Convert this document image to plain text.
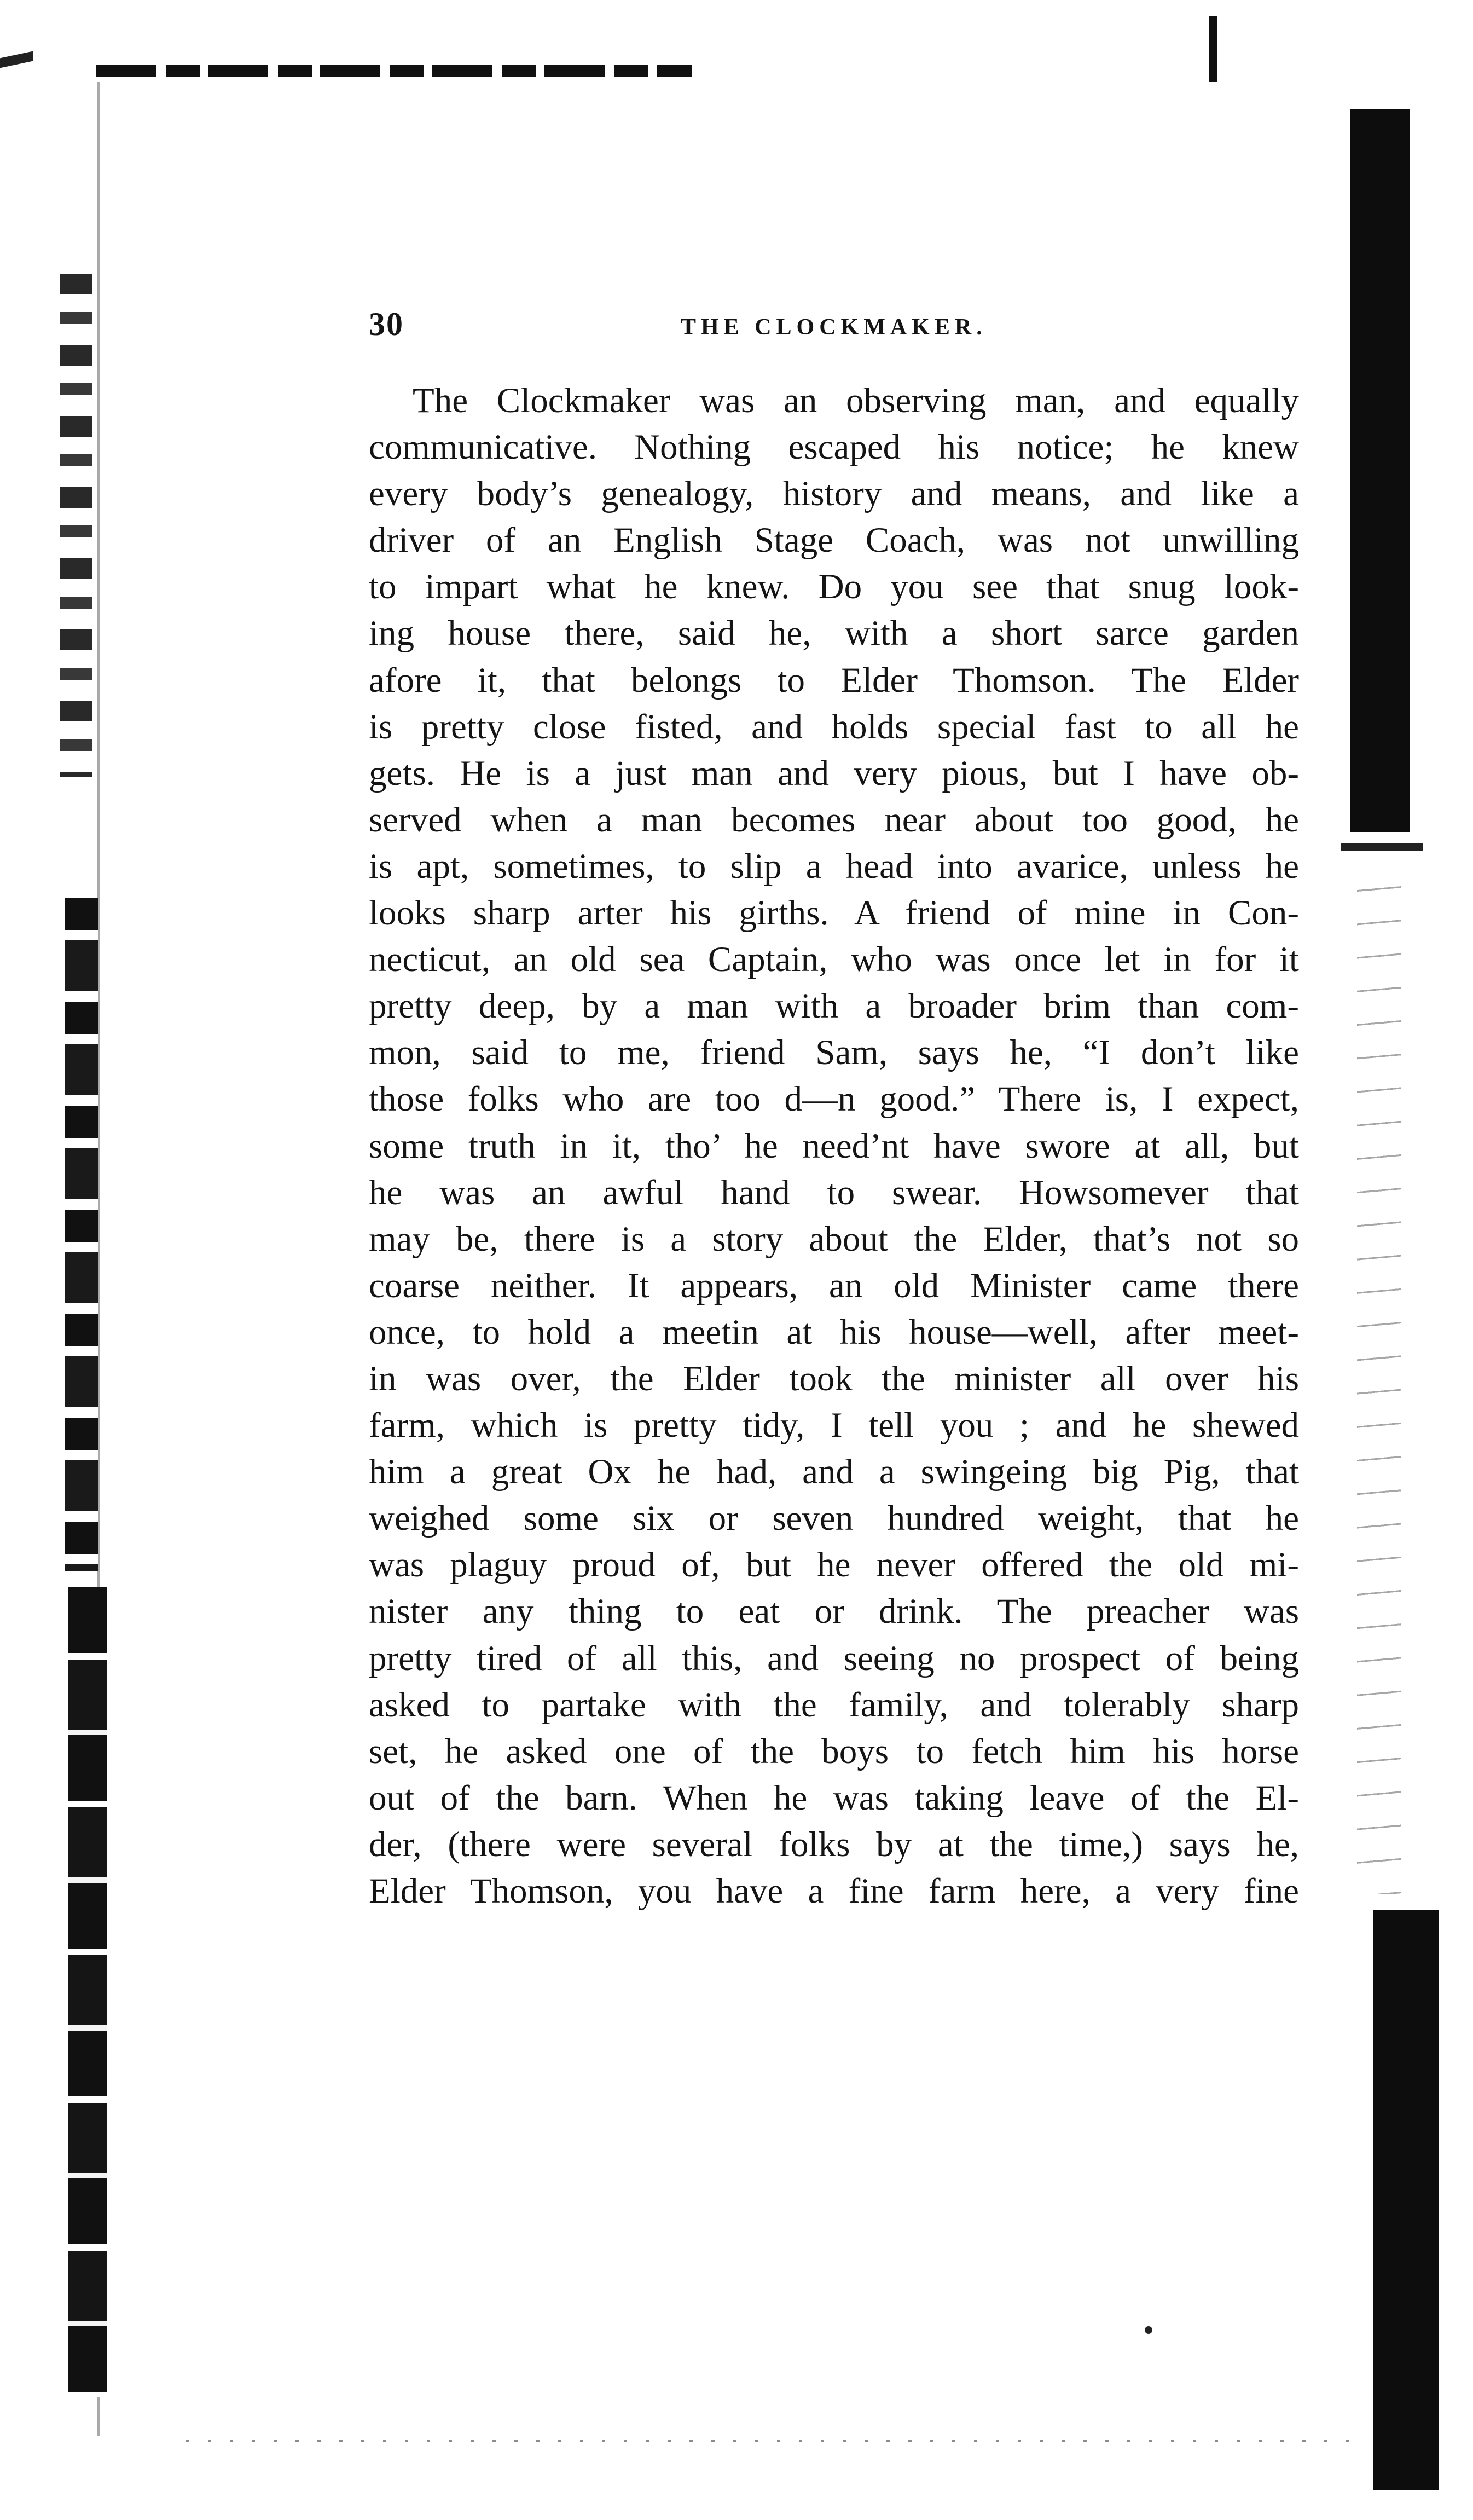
30	THE CLOCKMAKER.
The Clockmaker was an observing man, and equally
communicative. Nothing escaped his notice; he knew
every body’s genealogy, history and means, and like a
driver of an English Stage Coach, was not unwilling
to impart what he knew. Do you see that snug look-
ing house there, said he, with a short sarce garden
afore it, that belongs to Elder Thomson. The Elder
is pretty close fisted, and holds special fast to all he
gets. He is a just man and very pious, but I have ob-
served when a man becomes near about too good, he
is apt, sometimes, to slip a head into avarice, unless he
looks sharp arter his girths. A friend of mine in Con-
necticut, an old sea Captain, who was once let in for it
pretty deep, by a man with a broader brim than com-
mon, said to me, friend Sam, says he, “I don’t like
those folks who are too d—n good.” There is, I expect,
some truth in it, tho’ he need’nt have swore at all, but
he was an awful hand to swear. Howsomever that
may be, there is a story about the Elder, that’s not so
coarse neither. It appears, an old Minister came there
once, to hold a meetin at his house—well, after meet-
in was over, the Elder took the minister all over his
farm, which is pretty tidy, I tell you ; and he shewed
him a great Ox he had, and a swingeing big Pig, that
weighed some six or seven hundred weight, that he
was plaguy proud of, but he never offered the old mi-
nister any thing to eat or drink. The preacher was
pretty tired of all this, and seeing no prospect of being
asked to partake with the family, and tolerably sharp
set, he asked one of the boys to fetch him his horse
out of the barn. When he was taking leave of the El-
der, (there were several folks by at the time,) says he,
Elder Thomson, you have a fine farm here, a very fine
